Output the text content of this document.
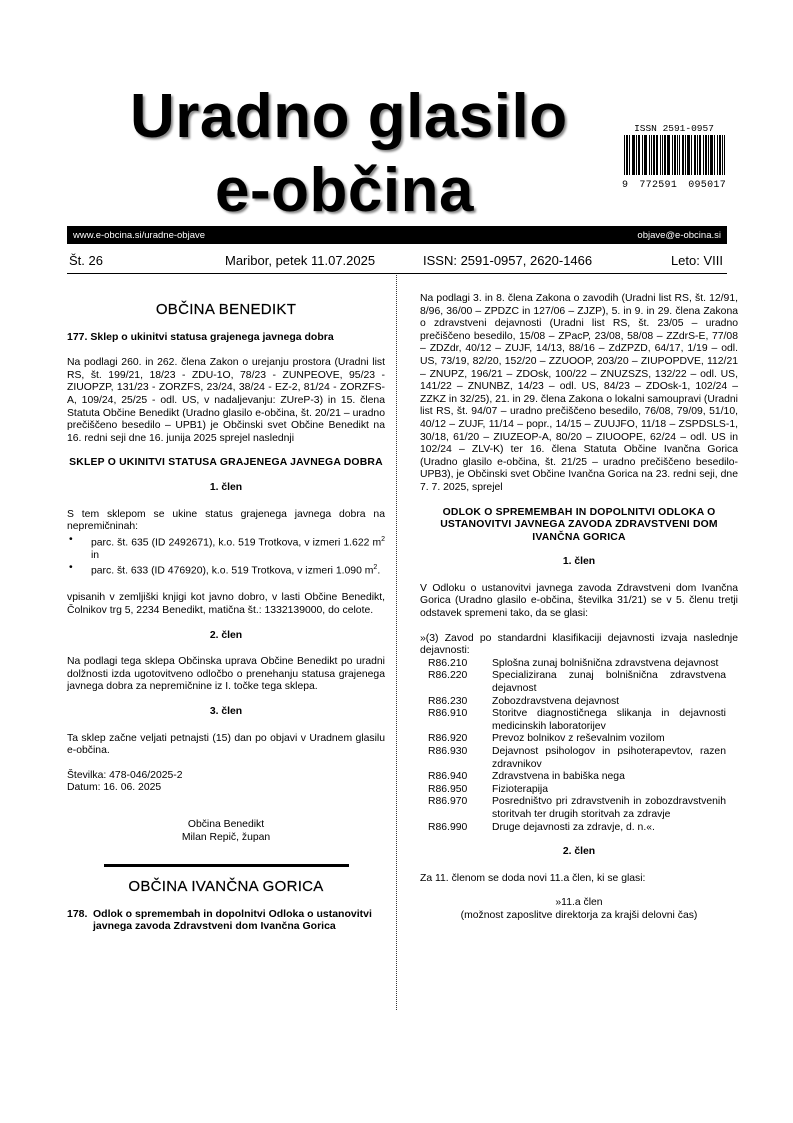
Uradno glasilo
e-občina
ISSN 2591-0957
9 772591 095017
www.e-obcina.si/uradne-objave	objave@e-obcina.si
Št. 26	Maribor, petek 11.07.2025	ISSN: 2591-0957, 2620-1466	Leto: VIII
OBČINA BENEDIKT
177. Sklep o ukinitvi statusa grajenega javnega dobra
Na podlagi 260. in 262. člena Zakon o urejanju prostora (Uradni list RS, št. 199/21, 18/23 - ZDU-1O, 78/23 - ZUNPEOVE, 95/23 - ZIUOPZP, 131/23 - ZORZFS, 23/24, 38/24 - EZ-2, 81/24 - ZORZFS-A, 109/24, 25/25 - odl. US, v nadaljevanju: ZUreP-3) in 15. člena Statuta Občine Benedikt (Uradno glasilo e-občina, št. 20/21 – uradno prečiščeno besedilo – UPB1) je Občinski svet Občine Benedikt na 16. redni seji dne 16. junija 2025 sprejel naslednji
SKLEP O UKINITVI STATUSA GRAJENEGA JAVNEGA DOBRA
1. člen
S tem sklepom se ukine status grajenega javnega dobra na nepremičninah:
• parc. št. 635 (ID 2492671), k.o. 519 Trotkova, v izmeri 1.622 $m^2$ in
• parc. št. 633 (ID 476920), k.o. 519 Trotkova, v izmeri 1.090 $m^2$.
vpisanih v zemljiški knjigi kot javno dobro, v lasti Občine Benedikt, Čolnikov trg 5, 2234 Benedikt, matična št.: 1332139000, do celote.
2. člen
Na podlagi tega sklepa Občinska uprava Občine Benedikt po uradni dolžnosti izda ugotovitveno odločbo o prenehanju statusa grajenega javnega dobra za nepremičnine iz I. točke tega sklepa.
3. člen
Ta sklep začne veljati petnajsti (15) dan po objavi v Uradnem glasilu e-občina.
Številka: 478-046/2025-2
Datum: 16. 06. 2025
Občina Benedikt
Milan Repič, župan
OBČINA IVANČNA GORICA
178. Odlok o spremembah in dopolnitvi Odloka o ustanovitvi javnega zavoda Zdravstveni dom Ivančna Gorica
Na podlagi 3. in 8. člena Zakona o zavodih (Uradni list RS, št. 12/91, 8/96, 36/00 – ZPDZC in 127/06 – ZJZP), 5. in 9. in 29. člena Zakona o zdravstveni dejavnosti (Uradni list RS, št. 23/05 – uradno prečiščeno besedilo, 15/08 – ZPacP, 23/08, 58/08 – ZZdrS-E, 77/08 – ZDZdr, 40/12 – ZUJF, 14/13, 88/16 – ZdZPZD, 64/17, 1/19 – odl. US, 73/19, 82/20, 152/20 – ZZUOOP, 203/20 – ZIUPOPDVE, 112/21 – ZNUPZ, 196/21 – ZDOsk, 100/22 – ZNUZSZS, 132/22 – odl. US, 141/22 – ZNUNBZ, 14/23 – odl. US, 84/23 – ZDOsk-1, 102/24 – ZZKZ in 32/25), 21. in 29. člena Zakona o lokalni samoupravi (Uradni list RS, št. 94/07 – uradno prečiščeno besedilo, 76/08, 79/09, 51/10, 40/12 – ZUJF, 11/14 – popr., 14/15 – ZUUJFO, 11/18 – ZSPDSLS-1, 30/18, 61/20 – ZIUZEOP-A, 80/20 – ZIUOOPE, 62/24 – odl. US in 102/24 – ZLV-K) ter 16. člena Statuta Občine Ivančna Gorica (Uradno glasilo e-občina, št. 21/25 – uradno prečiščeno besedilo-UPB3), je Občinski svet Občine Ivančna Gorica na 23. redni seji, dne 7. 7. 2025, sprejel
ODLOK O SPREMEMBAH IN DOPOLNITVI ODLOKA O USTANOVITVI JAVNEGA ZAVODA ZDRAVSTVENI DOM IVANČNA GORICA
1. člen
V Odloku o ustanovitvi javnega zavoda Zdravstveni dom Ivančna Gorica (Uradno glasilo e-občina, številka 31/21) se v 5. členu tretji odstavek spremeni tako, da se glasi:
»(3) Zavod po standardni klasifikaciji dejavnosti izvaja naslednje dejavnosti:
R86.210	Splošna zunaj bolnišnična zdravstvena dejavnost
R86.220	Specializirana zunaj bolnišnična zdravstvena dejavnost
R86.230	Zobozdravstvena dejavnost
R86.910	Storitve diagnostičnega slikanja in dejavnosti medicinskih laboratorijev
R86.920	Prevoz bolnikov z reševalnim vozilom
R86.930	Dejavnost psihologov in psihoterapevtov, razen zdravnikov
R86.940	Zdravstvena in babiška nega
R86.950	Fizioterapija
R86.970	Posredništvo pri zdravstvenih in zobozdravstvenih storitvah ter drugih storitvah za zdravje
R86.990	Druge dejavnosti za zdravje, d. n.«.
2. člen
Za 11. členom se doda novi 11.a člen, ki se glasi:
»11.a člen
(možnost zaposlitve direktorja za krajši delovni čas)
